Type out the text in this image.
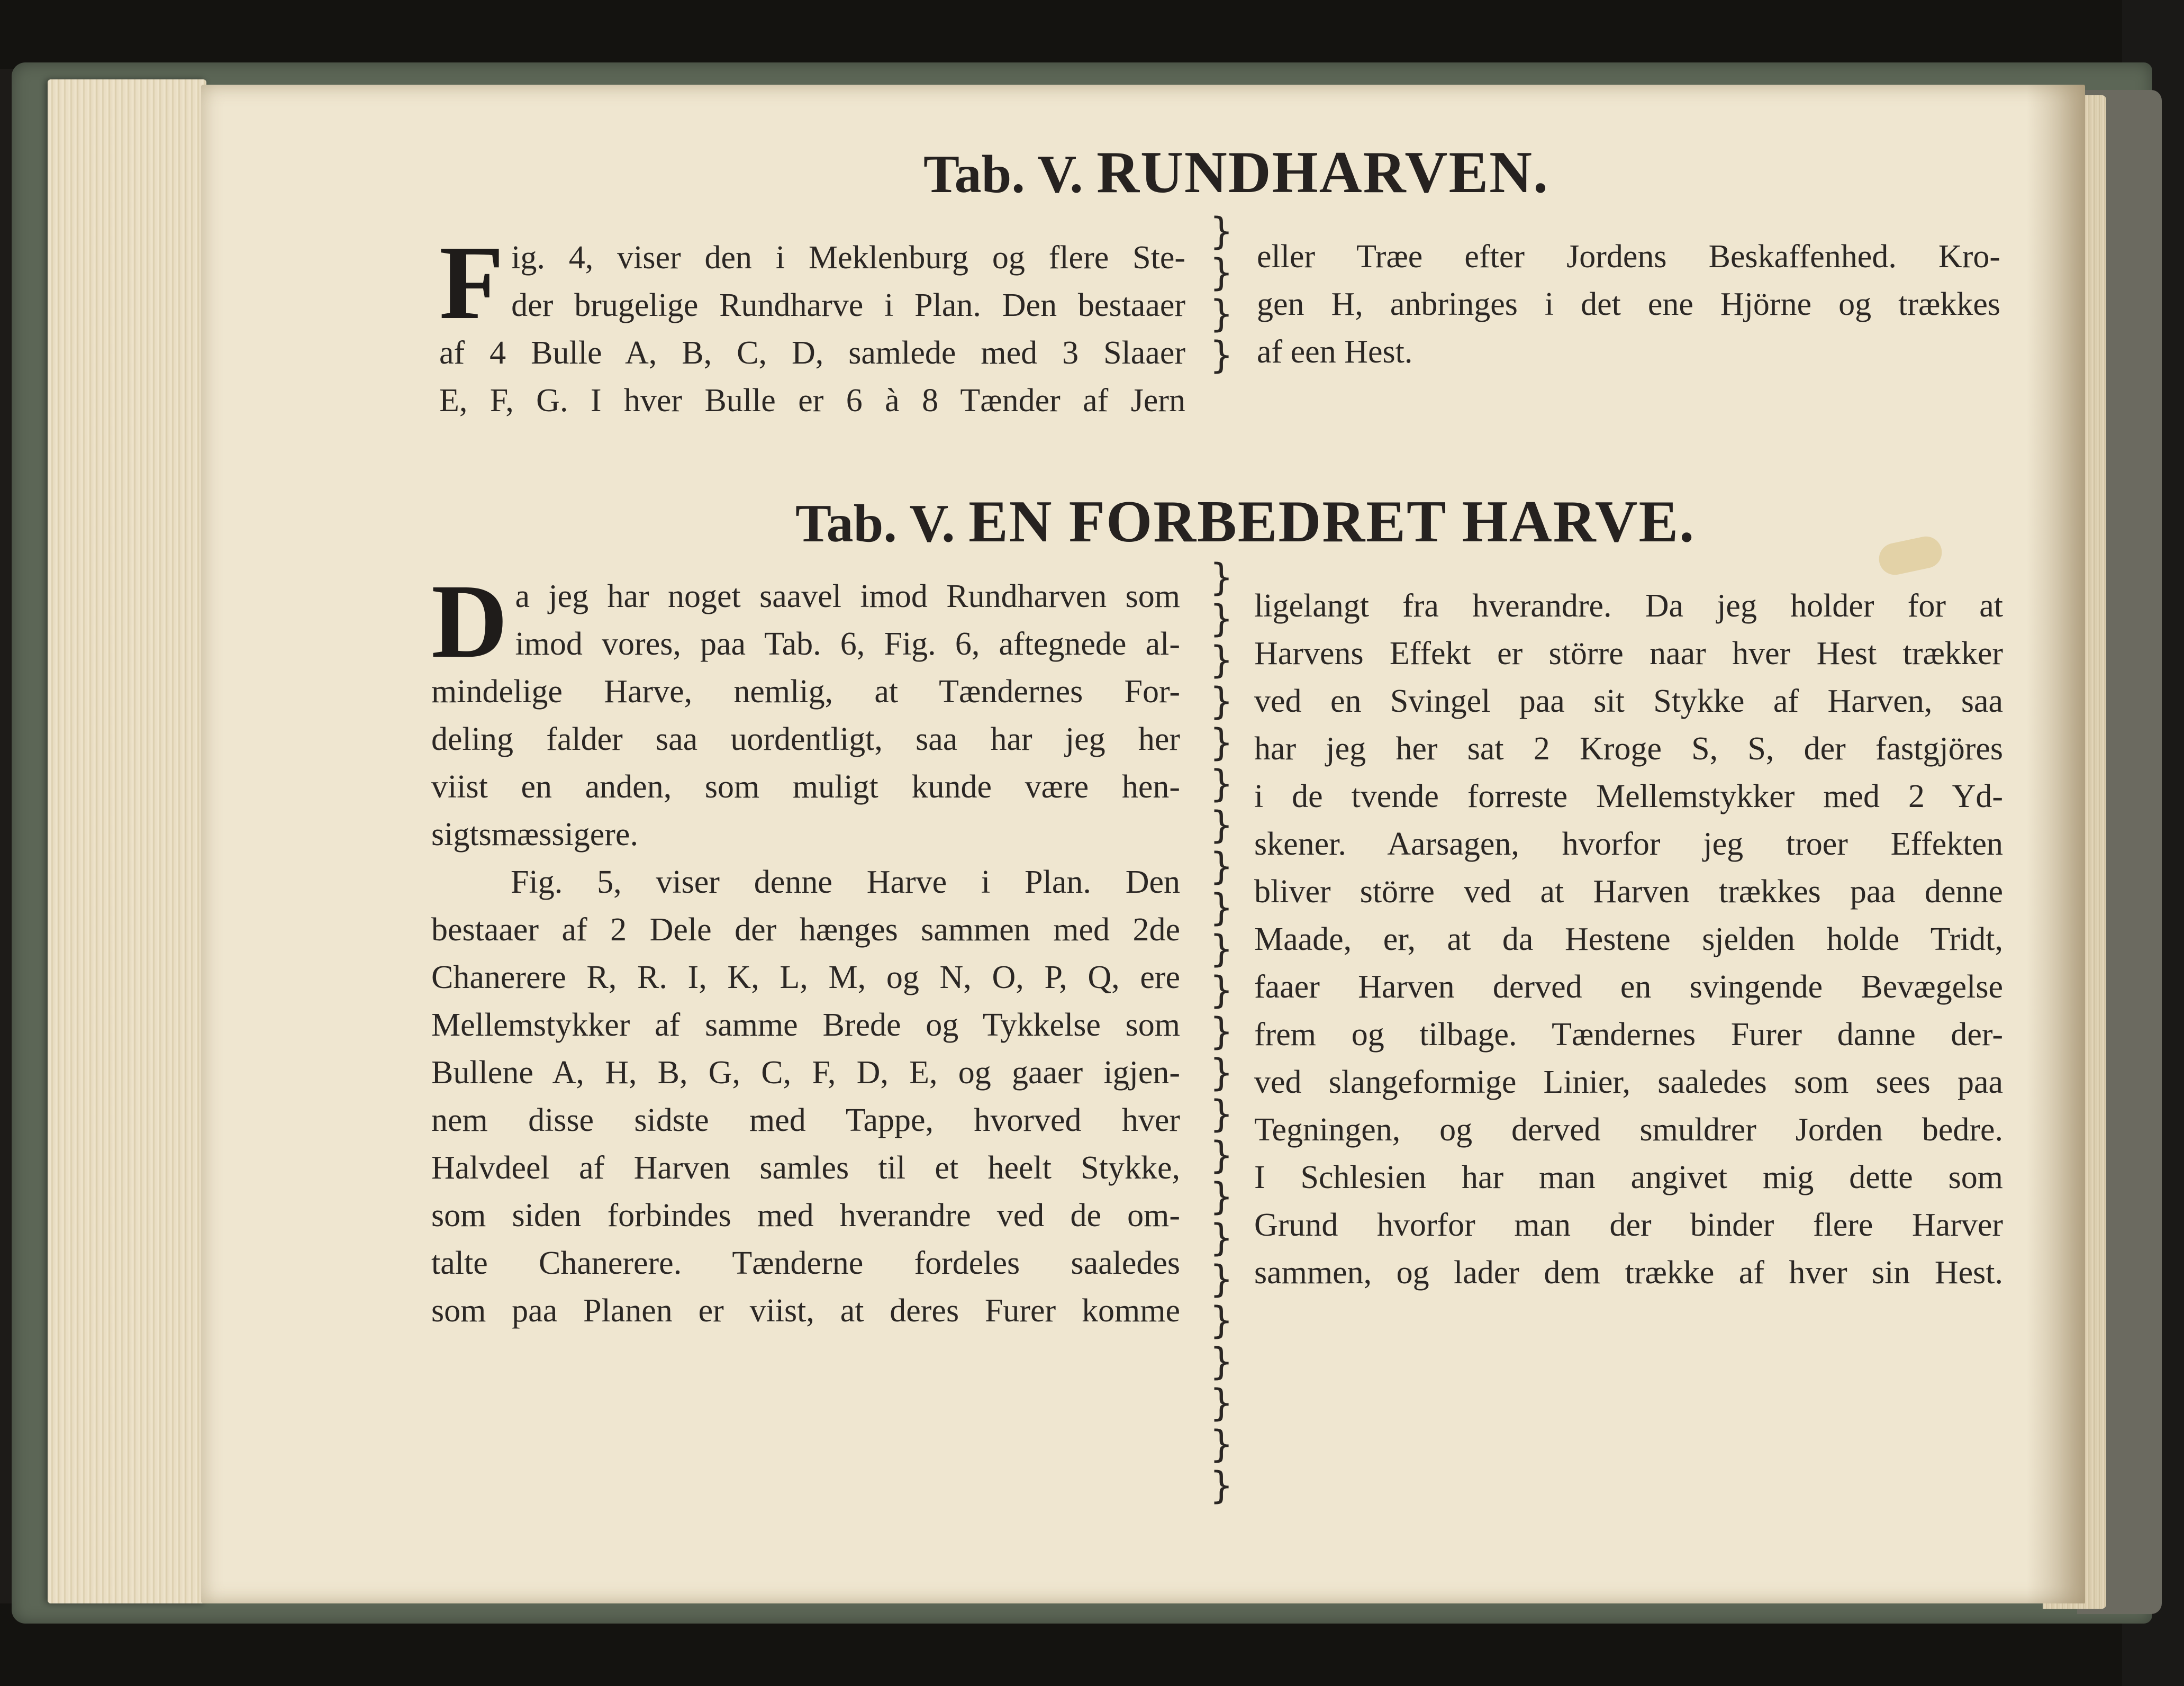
Tab. V. RUNDHARVEN.
F ig. 4, viser den i Meklenburg og flere Ste-
der brugelige Rundharve i Plan. Den bestaaer
af 4 Bulle A, B, C, D, samlede med 3 Slaaer
E, F, G. I hver Bulle er 6 à 8 Tænder af Jern
}
}
}
}
eller Træe efter Jordens Beskaffenhed. Kro-
gen H, anbringes i det ene Hjörne og trækkes
af een Hest.
Tab. V. EN FORBEDRET HARVE.
D a jeg har noget saavel imod Rundharven som
imod vores, paa Tab. 6, Fig. 6, aftegnede al-
mindelige Harve, nemlig, at Tændernes For-
deling falder saa uordentligt, saa har jeg her
viist en anden, som muligt kunde være hen-
sigtsmæssigere.
Fig. 5, viser denne Harve i Plan. Den
bestaaer af 2 Dele der hænges sammen med 2de
Chanerere R, R. I, K, L, M, og N, O, P, Q, ere
Mellemstykker af samme Brede og Tykkelse som
Bullene A, H, B, G, C, F, D, E, og gaaer igjen-
nem disse sidste med Tappe, hvorved hver
Halvdeel af Harven samles til et heelt Stykke,
som siden forbindes med hverandre ved de om-
talte Chanerere. Tænderne fordeles saaledes
som paa Planen er viist, at deres Furer komme
}
}
}
}
}
}
}
}
}
}
}
}
}
}
}
}
}
}
}
}
}
}
}
ligelangt fra hverandre. Da jeg holder for at
Harvens Effekt er större naar hver Hest trækker
ved en Svingel paa sit Stykke af Harven, saa
har jeg her sat 2 Kroge S, S, der fastgjöres
i de tvende forreste Mellemstykker med 2 Yd-
skener. Aarsagen, hvorfor jeg troer Effekten
bliver större ved at Harven trækkes paa denne
Maade, er, at da Hestene sjelden holde Tridt,
faaer Harven derved en svingende Bevægelse
frem og tilbage. Tændernes Furer danne der-
ved slangeformige Linier, saaledes som sees paa
Tegningen, og derved smuldrer Jorden bedre.
I Schlesien har man angivet mig dette som
Grund hvorfor man der binder flere Harver
sammen, og lader dem trække af hver sin Hest.
